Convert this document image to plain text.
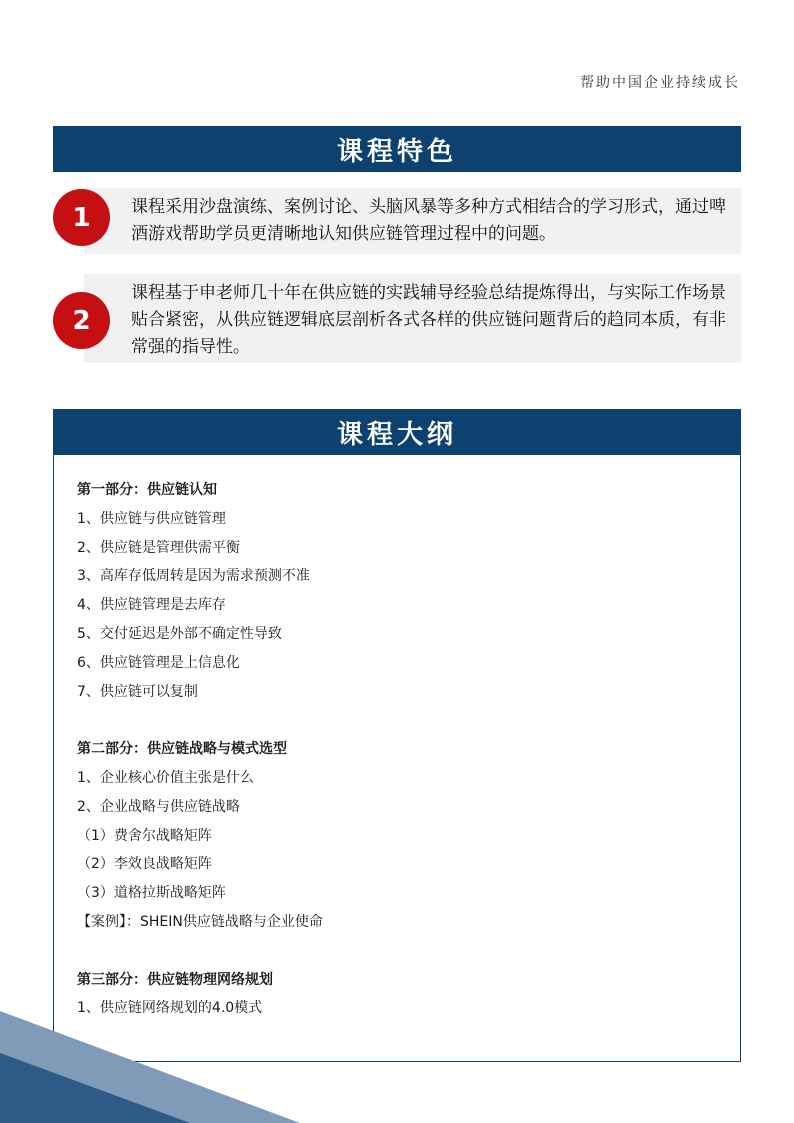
帮助中国企业持续成长
课程特色
课程采用沙盘演练、案例讨论、头脑风暴等多种方式相结合的学习形式，通过啤酒游戏帮助学员更清晰地认知供应链管理过程中的问题。
1
课程基于申老师几十年在供应链的实践辅导经验总结提炼得出，与实际工作场景贴合紧密，从供应链逻辑底层剖析各式各样的供应链问题背后的趋同本质，有非常强的指导性。
2
课程大纲
第一部分：供应链认知
1、供应链与供应链管理
2、供应链是管理供需平衡
3、高库存低周转是因为需求预测不准
4、供应链管理是去库存
5、交付延迟是外部不确定性导致
6、供应链管理是上信息化
7、供应链可以复制
第二部分：供应链战略与模式选型
1、企业核心价值主张是什么
2、企业战略与供应链战略
（1）费舍尔战略矩阵
（2）李效良战略矩阵
（3）道格拉斯战略矩阵
【案例】：SHEIN供应链战略与企业使命
第三部分：供应链物理网络规划
1、供应链网络规划的4.0模式
